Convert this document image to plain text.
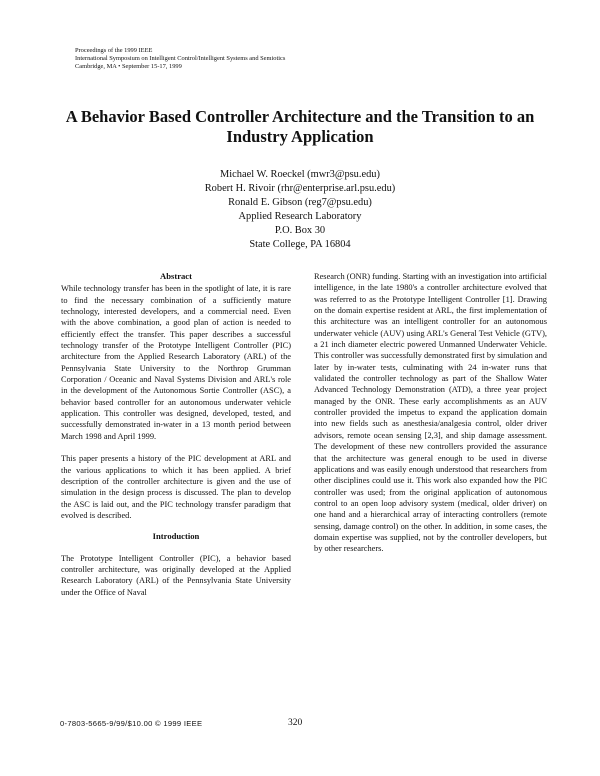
Proceedings of the 1999 IEEE
International Symposium on Intelligent Control/Intelligent Systems and Semiotics
Cambridge, MA • September 15-17, 1999
A Behavior Based Controller Architecture and the Transition to an
Industry Application
Michael W. Roeckel (mwr3@psu.edu)
Robert H. Rivoir (rhr@enterprise.arl.psu.edu)
Ronald E. Gibson (reg7@psu.edu)
Applied Research Laboratory
P.O. Box 30
State College, PA 16804
Abstract

While technology transfer has been in the spotlight of late, it is rare to find the necessary combination of a sufficiently mature technology, interested developers, and a commercial need. Even with the above combination, a good plan of action is needed to efficiently effect the transfer. This paper describes a successful technology transfer of the Prototype Intelligent Controller (PIC) architecture from the Applied Research Laboratory (ARL) of the Pennsylvania State University to the Northrop Grumman Corporation / Oceanic and Naval Systems Division and ARL's role in the development of the Autonomous Sortie Controller (ASC), a behavior based controller for an autonomous underwater vehicle application. This controller was designed, developed, tested, and successfully demonstrated in-water in a 13 month period between March 1998 and April 1999.

This paper presents a history of the PIC development at ARL and the various applications to which it has been applied. A brief description of the controller architecture is given and the use of simulation in the design process is discussed. The plan to develop the ASC is laid out, and the PIC technology transfer paradigm that evolved is described.

Introduction

The Prototype Intelligent Controller (PIC), a behavior based controller architecture, was originally developed at the Applied Research Laboratory (ARL) of the Pennsylvania State University under the Office of Naval

Research (ONR) funding. Starting with an investigation into artificial intelligence, in the late 1980's a controller architecture evolved that was referred to as the Prototype Intelligent Controller [1]. Drawing on the domain expertise resident at ARL, the first implementation of this architecture was an intelligent controller for an autonomous underwater vehicle (AUV) using ARL's General Test Vehicle (GTV), a 21 inch diameter electric powered Unmanned Underwater Vehicle. This controller was successfully demonstrated first by simulation and later by in-water tests, culminating with 24 in-water runs that validated the controller technology as part of the Shallow Water Advanced Technology Demonstration (ATD), a three year project managed by the ONR. These early accomplishments as an AUV controller provided the impetus to expand the application domain into new fields such as anesthesia/analgesia control, older driver advisors, remote ocean sensing [2,3], and ship damage assessment. The development of these new controllers provided the assurance that the architecture was general enough to be used in diverse applications and was easily enough understood that researchers from other disciplines could use it. This work also expanded how the PIC controller was used; from the original application of autonomous control to an open loop advisory system (medical, older driver) on one hand and a hierarchical array of interacting controllers (remote sensing, damage control) on the other. In addition, in some cases, the domain expertise was supplied, not by the controller developers, but by other researchers.

0-7803-5665-9/99/$10.00 © 1999 IEEE	320
